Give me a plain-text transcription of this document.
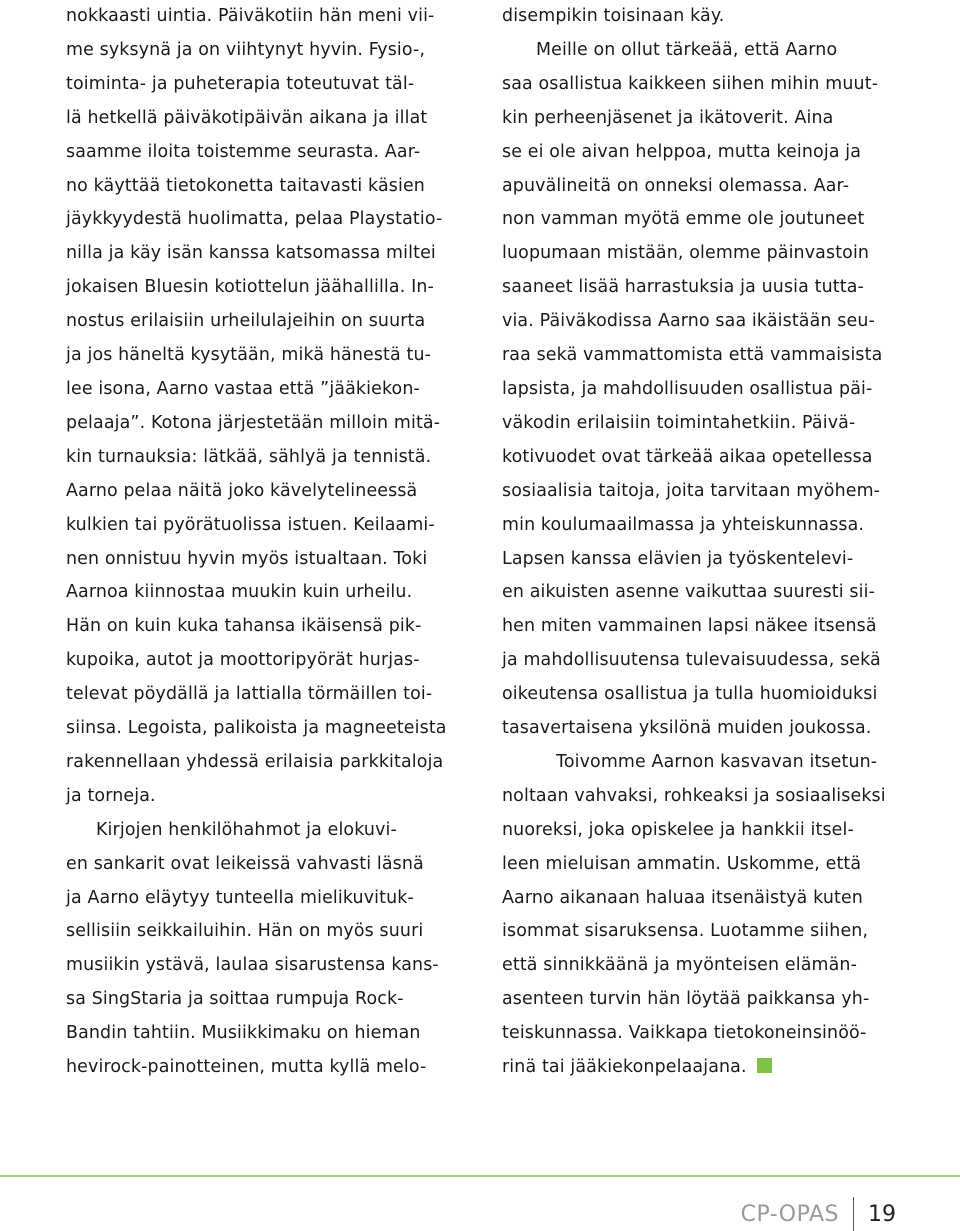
nokkaasti uintia. Päiväkotiin hän meni vii-
me syksynä ja on viihtynyt hyvin. Fysio-,
toiminta- ja puheterapia toteutuvat täl-
lä hetkellä päiväkotipäivän aikana ja illat
saamme iloita toistemme seurasta. Aar-
no käyttää tietokonetta taitavasti käsien
jäykkyydestä huolimatta, pelaa Playstatio-
nilla ja käy isän kanssa katsomassa miltei
jokaisen Bluesin kotiottelun jäähallilla. In-
nostus erilaisiin urheilulajeihin on suurta
ja jos häneltä kysytään, mikä hänestä tu-
lee isona, Aarno vastaa että ”jääkiekon-
pelaaja”. Kotona järjestetään milloin mitä-
kin turnauksia: lätkää, sählyä ja tennistä.
Aarno pelaa näitä joko kävelytelineessä
kulkien tai pyörätuolissa istuen. Keilaami-
nen onnistuu hyvin myös istualtaan. Toki
Aarnoa kiinnostaa muukin kuin urheilu.
Hän on kuin kuka tahansa ikäisensä pik-
kupoika, autot ja moottoripyörät hurjas-
televat pöydällä ja lattialla törmäillen toi-
siinsa. Legoista, palikoista ja magneeteista
rakennellaan yhdessä erilaisia parkkitaloja
ja torneja.
Kirjojen henkilöhahmot ja elokuvi-
en sankarit ovat leikeissä vahvasti läsnä
ja Aarno eläytyy tunteella mielikuvituk-
sellisiin seikkailuihin. Hän on myös suuri
musiikin ystävä, laulaa sisarustensa kans-
sa SingStaria ja soittaa rumpuja Rock-
Bandin tahtiin. Musiikkimaku on hieman
hevirock-painotteinen, mutta kyllä melo-
disempikin toisinaan käy.
Meille on ollut tärkeää, että Aarno
saa osallistua kaikkeen siihen mihin muut-
kin perheenjäsenet ja ikätoverit. Aina
se ei ole aivan helppoa, mutta keinoja ja
apuvälineitä on onneksi olemassa. Aar-
non vamman myötä emme ole joutuneet
luopumaan mistään, olemme päinvastoin
saaneet lisää harrastuksia ja uusia tutta-
via. Päiväkodissa Aarno saa ikäistään seu-
raa sekä vammattomista että vammaisista
lapsista, ja mahdollisuuden osallistua päi-
väkodin erilaisiin toimintahetkiin. Päivä-
kotivuodet ovat tärkeää aikaa opetellessa
sosiaalisia taitoja, joita tarvitaan myöhem-
min koulumaailmassa ja yhteiskunnassa.
Lapsen kanssa elävien ja työskentelevi-
en aikuisten asenne vaikuttaa suuresti sii-
hen miten vammainen lapsi näkee itsensä
ja mahdollisuutensa tulevaisuudessa, sekä
oikeutensa osallistua ja tulla huomioiduksi
tasavertaisena yksilönä muiden joukossa.
Toivomme Aarnon kasvavan itsetun-
noltaan vahvaksi, rohkeaksi ja sosiaaliseksi
nuoreksi, joka opiskelee ja hankkii itsel-
leen mieluisan ammatin. Uskomme, että
Aarno aikanaan haluaa itsenäistyä kuten
isommat sisaruksensa. Luotamme siihen,
että sinnikkäänä ja myönteisen elämän-
asenteen turvin hän löytää paikkansa yh-
teiskunnassa. Vaikkapa tietokoneinsinöö-
rinä tai jääkiekonpelaajana.
CP-OPAS 19
